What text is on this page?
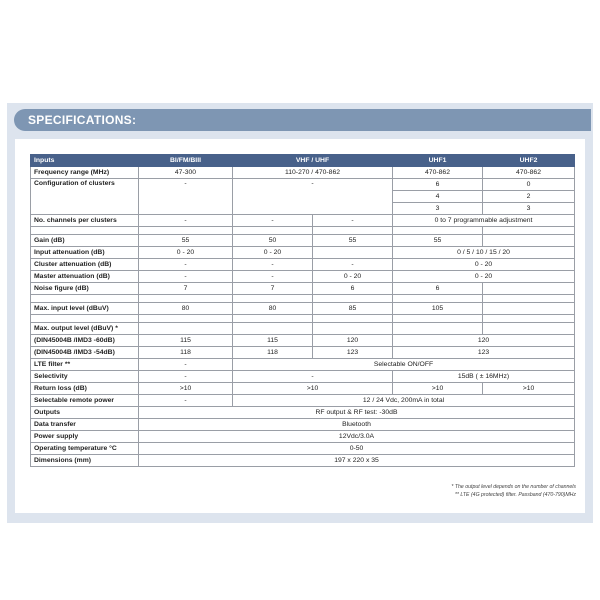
SPECIFICATIONS:
Inputs	BI/FM/BIII	VHF / UHF		UHF1	UHF2
Frequency range (MHz)	47-300	110-270 / 470-862		470-862	470-862
Configuration of clusters	-	-		6	0
				4	2
				3	3
No. channels per clusters	-	-	-	0 to 7 programmable adjustment	

Gain (dB)	55	50	55	55	
Input attenuation (dB)	0 - 20	0 - 20		0 / 5 / 10 / 15 / 20	
Cluster attenuation (dB)	-	-	-	0 - 20	
Master attenuation (dB)	-	-	0 - 20	0 - 20	
Noise figure (dB)	7	7	6	6	

Max. input level (dBuV)	80	80	85	105	

Max. output level (dBuV) *					
(DIN45004B /IMD3 -60dB)	115	115	120	120	
(DIN45004B /IMD3 -54dB)	118	118	123	123	
LTE filter **	-	Selectable ON/OFF			
Selectivity	-	-		15dB ( ± 16MHz)	
Return loss (dB)	>10	>10		>10	>10
Selectable remote power	-	12 / 24 Vdc, 200mA in total			
Outputs	RF output & RF test: -30dB				
Data transfer	Bluetooth				
Power supply	12Vdc/3.0A				
Operating temperature °C	0-50				
Dimensions (mm)	197 x 220 x 35				
* The output level depends on the number of channels
** LTE (4G protected) filter. Passband (470-790)MHz
